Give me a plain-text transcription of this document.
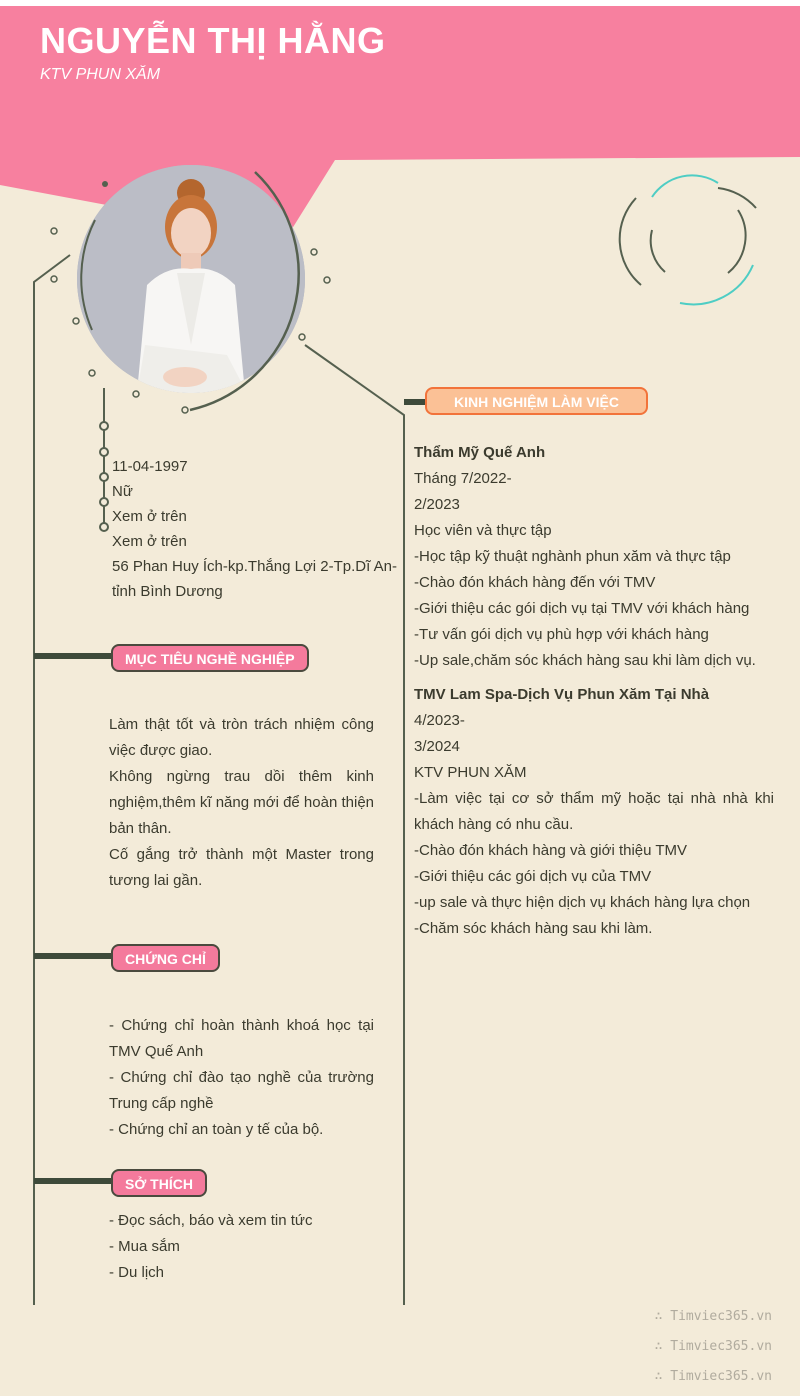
NGUYỄN THỊ HẰNG
KTV PHUN XĂM
11-04-1997
Nữ
Xem ở trên
Xem ở trên
56 Phan Huy Ích-kp.Thắng Lợi 2-Tp.Dĩ An-tỉnh Bình Dương
MỤC TIÊU NGHỀ NGHIỆP

Làm thật tốt và tròn trách nhiệm công việc được giao.

Không ngừng trau dồi thêm kinh nghiệm,thêm kĩ năng mới để hoàn thiện bản thân.

Cố gắng trở thành một Master trong tương lai gần.

CHỨNG CHỈ

- Chứng chỉ hoàn thành khoá học tại TMV Quế Anh

- Chứng chỉ đào tạo nghề của trường Trung cấp nghề

- Chứng chỉ an toàn y tế của bộ.

SỞ THÍCH

- Đọc sách, báo và xem tin tức

- Mua sắm

- Du lịch

KINH NGHIỆM LÀM VIỆC

Thẩm Mỹ Quế Anh

Tháng 7/2022-

2/2023

Học viên và thực tập

-Học tập kỹ thuật nghành phun xăm và thực tập

-Chào đón khách hàng đến với TMV

-Giới thiệu các gói dịch vụ tại TMV với khách hàng

-Tư vấn gói dịch vụ phù hợp với khách hàng

-Up sale,chăm sóc khách hàng sau khi làm dịch vụ.

TMV Lam Spa-Dịch Vụ Phun Xăm Tại Nhà

4/2023-

3/2024

KTV PHUN XĂM

-Làm việc tại cơ sở thẩm mỹ hoặc tại nhà nhà khi khách hàng có nhu cầu.

-Chào đón khách hàng và giới thiệu TMV

-Giới thiệu các gói dịch vụ của TMV

-up sale và thực hiện dịch vụ khách hàng lựa chọn

-Chăm sóc khách hàng sau khi làm.

∴ Timviec365.vn
∴ Timviec365.vn
∴ Timviec365.vn
